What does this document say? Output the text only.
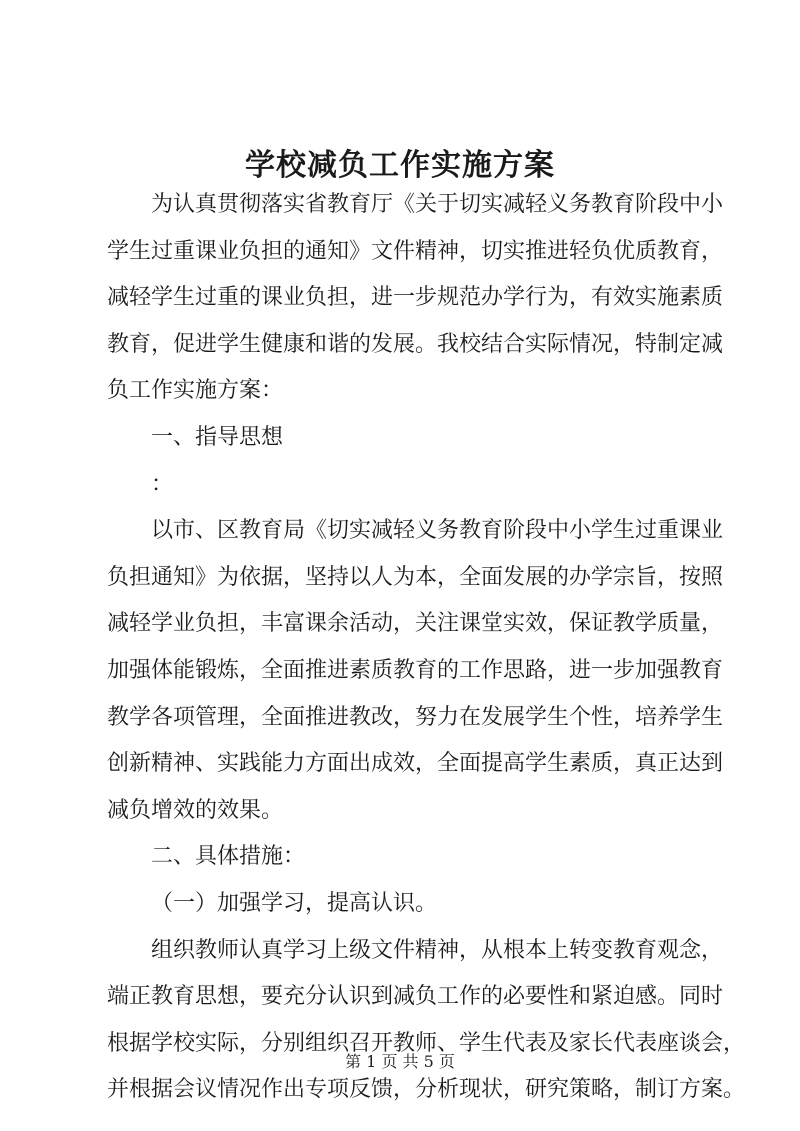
学校减负工作实施方案
为认真贯彻落实省教育厅《关于切实减轻义务教育阶段中小
学生过重课业负担的通知》文件精神，切实推进轻负优质教育，
减轻学生过重的课业负担，进一步规范办学行为，有效实施素质
教育，促进学生健康和谐的发展。我校结合实际情况，特制定减
负工作实施方案：
一、指导思想
：
以市、区教育局《切实减轻义务教育阶段中小学生过重课业
负担通知》为依据，坚持以人为本，全面发展的办学宗旨，按照
减轻学业负担，丰富课余活动，关注课堂实效，保证教学质量，
加强体能锻炼，全面推进素质教育的工作思路，进一步加强教育
教学各项管理，全面推进教改，努力在发展学生个性，培养学生
创新精神、实践能力方面出成效，全面提高学生素质，真正达到
减负增效的效果。
二、具体措施：
（一）加强学习，提高认识。
组织教师认真学习上级文件精神，从根本上转变教育观念，
端正教育思想，要充分认识到减负工作的必要性和紧迫感。同时
根据学校实际，分别组织召开教师、学生代表及家长代表座谈会，
并根据会议情况作出专项反馈，分析现状，研究策略，制订方案。
第 1 页 共 5 页
